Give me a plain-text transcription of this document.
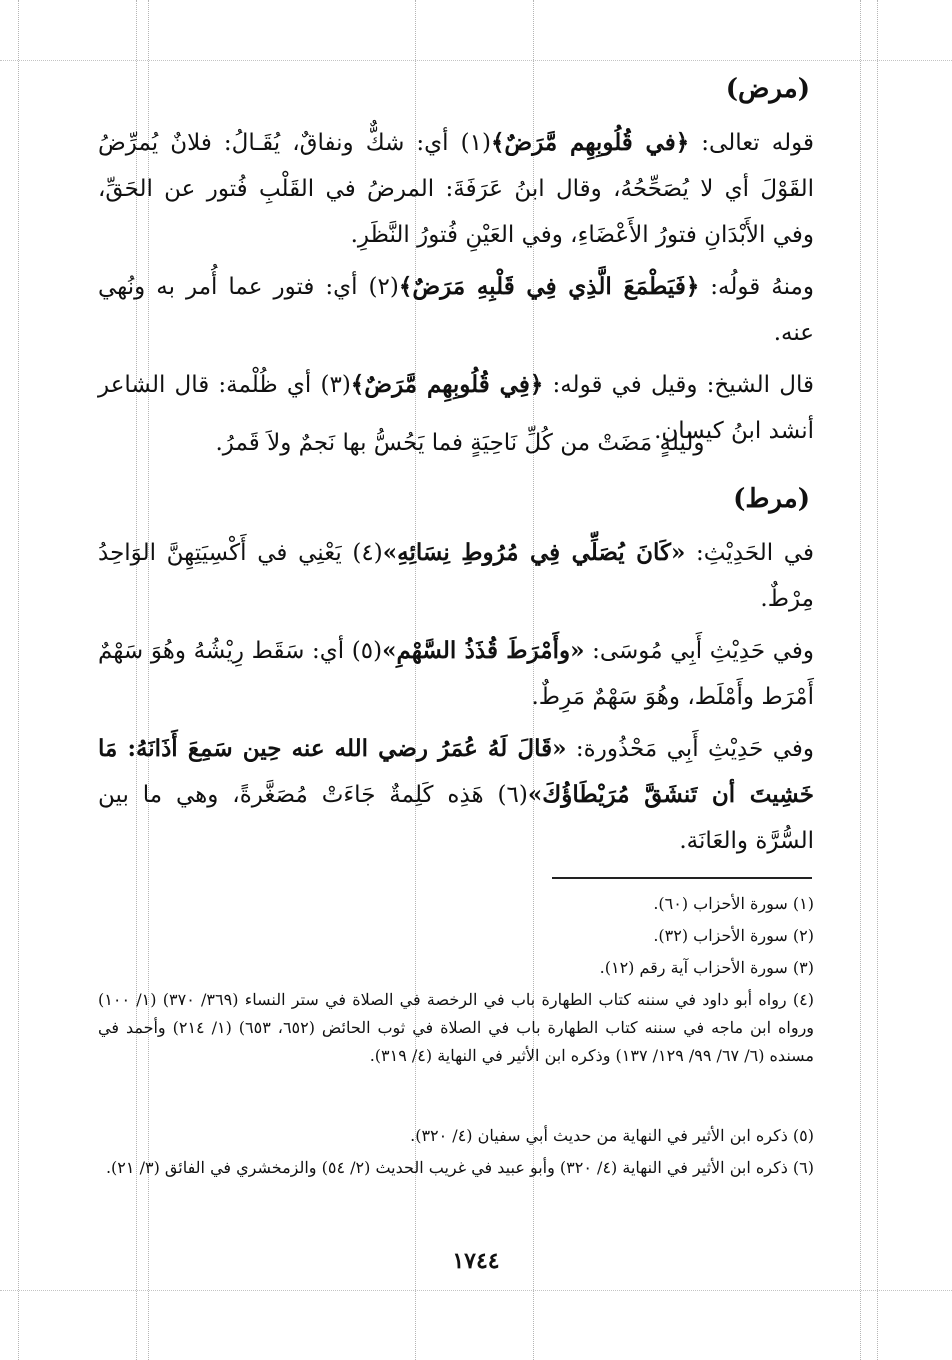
(مرض)

قوله تعالى: ﴿في قُلُوبِهِم مَّرَضٌ﴾(١) أي: شكٌّ ونفاقٌ، يُقَـالُ: فلانٌ يُمرِّضُ القَوْلَ أي لا يُصَحِّحُهُ، وقال ابنُ عَرَفَةَ: المرضُ في القَلْبِ فُتور عن الحَقِّ، وفي الأَبْدَانِ فتورُ الأَعْضَاءِ، وفي العَيْنِ فُتورُ النَّظَرِ.

ومنهُ قولُه: ﴿فَيَطْمَعَ الَّذِي فِي قَلْبِهِ مَرَضٌ﴾(٢) أي: فتور عما أُمر به ونُهي عنه.

قال الشيخ: وقيل في قوله: ﴿فِي قُلُوبِهِم مَّرَضٌ﴾(٣) أي ظُلْمة: قال الشاعر أنشد ابنُ كيسان.

وليلةٍ مَضَتْ من كُلِّ نَاحِيَةٍ فما يَحُسُّ بها نَجمٌ ولاَ قَمرُ.
(مرط)

في الحَدِيْثِ: «كَانَ يُصَلِّي فِي مُرُوطِ نِسَائِهِ»(٤) يَعْنِي في أَكْسِيَتِهِنَّ الوَاحِدُ مِرْطٌ.

وفي حَدِيْثِ أَبِي مُوسَى: «وأَمْرَطَ قُذَذُ السَّهْمِ»(٥) أي: سَقَط رِيْشُهُ وهُوَ سَهْمٌ أَمْرَط وأَمْلَط، وهُوَ سَهْمٌ مَرِطٌ.

وفي حَدِيْثِ أَبِي مَحْذُورة: «قَالَ لَهُ عُمَرُ رضي الله عنه حِين سَمِعَ أَذَانَهُ: مَا خَشِيتَ أن تَنشَقَّ مُرَيْطَاؤُكَ»(٦) هَذِه كَلِمةٌ جَاءَتْ مُصَغَّرةً، وهي ما بين السُّرَّة والعَانَة.

(١) سورة الأحزاب (٦٠).

(٢) سورة الأحزاب (٣٢).

(٣) سورة الأحزاب آية رقم (١٢).

(٤) رواه أبو داود في سننه كتاب الطهارة باب في الرخصة في الصلاة في ستر النساء (٣٦٩/ ٣٧٠) (١/ ١٠٠) ورواه ابن ماجه في سننه كتاب الطهارة باب في الصلاة في ثوب الحائض (٦٥٢، ٦٥٣) (١/ ٢١٤) وأحمد في مسنده (٦/ ٦٧/ ٩٩/ ١٢٩/ ١٣٧) وذكره ابن الأثير في النهاية (٤/ ٣١٩).

(٥) ذكره ابن الأثير في النهاية من حديث أبي سفيان (٤/ ٣٢٠).

(٦) ذكره ابن الأثير في النهاية (٤/ ٣٢٠) وأبو عبيد في غريب الحديث (٢/ ٥٤) والزمخشري في الفائق (٣/ ٢١).

١٧٤٤
